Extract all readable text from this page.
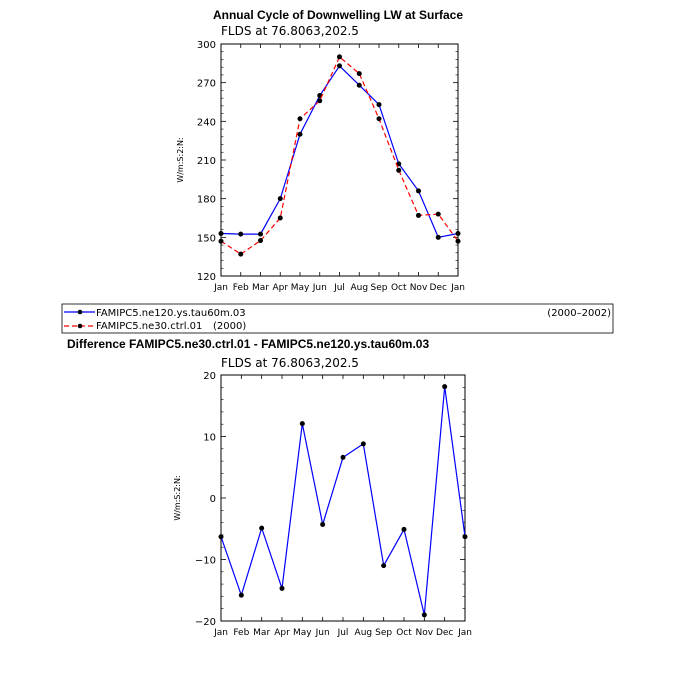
Annual Cycle of Downwelling LW at Surface
FLDS at 76.8063,202.5
W/m:S:2:N:
Jan Feb Mar Apr May Jun Jul Aug Sep Oct Nov Dec Jan
120
150
180
210
240
270
300
FAMIPC5.ne120.ys.tau60m.03	(2000–2002)
FAMIPC5.ne30.ctrl.01 (2000)
Difference FAMIPC5.ne30.ctrl.01 - FAMIPC5.ne120.ys.tau60m.03
FLDS at 76.8063,202.5
W/m:S:2:N:
Jan Feb Mar Apr May Jun Jul Aug Sep Oct Nov Dec Jan
−20
−10
0
10
20
